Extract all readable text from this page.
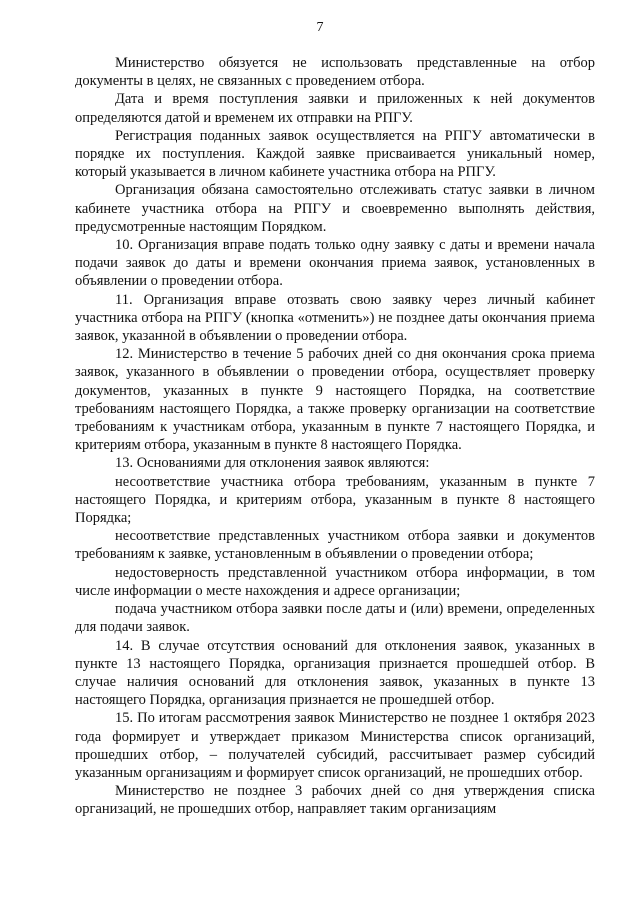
7

Министерство обязуется не использовать представленные на отбор документы в целях, не связанных с проведением отбора.

Дата и время поступления заявки и приложенных к ней документов определяются датой и временем их отправки на РПГУ.

Регистрация поданных заявок осуществляется на РПГУ автоматически в порядке их поступления. Каждой заявке присваивается уникальный номер, который указывается в личном кабинете участника отбора на РПГУ.

Организация обязана самостоятельно отслеживать статус заявки в личном кабинете участника отбора на РПГУ и своевременно выполнять действия, предусмотренные настоящим Порядком.

10. Организация вправе подать только одну заявку с даты и времени начала подачи заявок до даты и времени окончания приема заявок, установленных в объявлении о проведении отбора.

11. Организация вправе отозвать свою заявку через личный кабинет участника отбора на РПГУ (кнопка «отменить») не позднее даты окончания приема заявок, указанной в объявлении о проведении отбора.

12. Министерство в течение 5 рабочих дней со дня окончания срока приема заявок, указанного в объявлении о проведении отбора, осуществляет проверку документов, указанных в пункте 9 настоящего Порядка, на соответствие требованиям настоящего Порядка, а также проверку организации на соответствие требованиям к участникам отбора, указанным в пункте 7 настоящего Порядка, и критериям отбора, указанным в пункте 8 настоящего Порядка.

13. Основаниями для отклонения заявок являются:

несоответствие участника отбора требованиям, указанным в пункте 7 настоящего Порядка, и критериям отбора, указанным в пункте 8 настоящего Порядка;

несоответствие представленных участником отбора заявки и документов требованиям к заявке, установленным в объявлении о проведении отбора;

недостоверность представленной участником отбора информации, в том числе информации о месте нахождения и адресе организации;

подача участником отбора заявки после даты и (или) времени, определенных для подачи заявок.

14. В случае отсутствия оснований для отклонения заявок, указанных в пункте 13 настоящего Порядка, организация признается прошедшей отбор. В случае наличия оснований для отклонения заявок, указанных в пункте 13 настоящего Порядка, организация признается не прошедшей отбор.

15. По итогам рассмотрения заявок Министерство не позднее 1 октября 2023 года формирует и утверждает приказом Министерства список организаций, прошедших отбор, – получателей субсидий, рассчитывает размер субсидий указанным организациям и формирует список организаций, не прошедших отбор.

Министерство не позднее 3 рабочих дней со дня утверждения списка организаций, не прошедших отбор, направляет таким организациям
